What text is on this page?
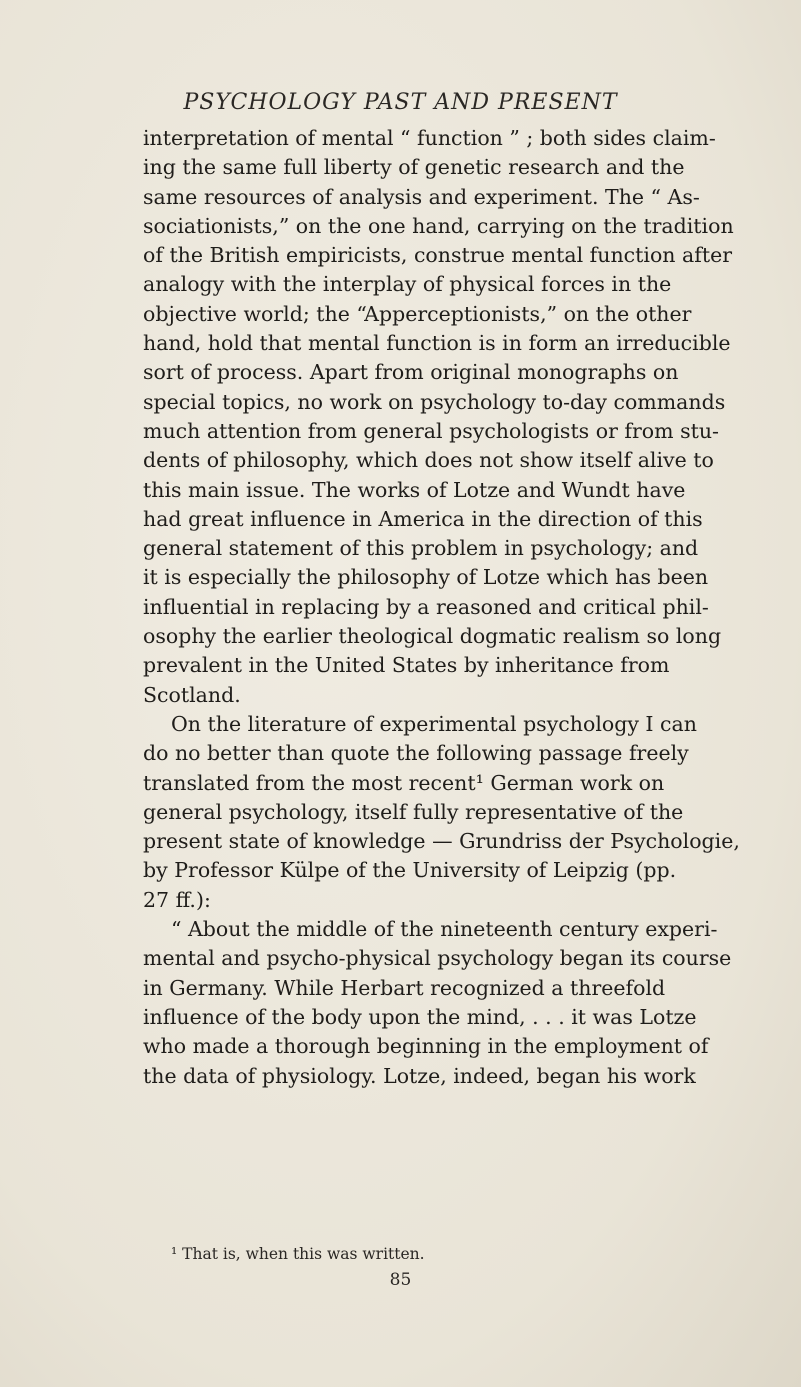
PSYCHOLOGY PAST AND PRESENT
interpretation of mental “ function ” ; both sides claim-
ing the same full liberty of genetic research and the
same resources of analysis and experiment. The “ As-
sociationists,” on the one hand, carrying on the tradition
of the British empiricists, construe mental function after
analogy with the interplay of physical forces in the
objective world; the “Apperceptionists,” on the other
hand, hold that mental function is in form an irreducible
sort of process. Apart from original monographs on
special topics, no work on psychology to-day commands
much attention from general psychologists or from stu-
dents of philosophy, which does not show itself alive to
this main issue. The works of Lotze and Wundt have
had great influence in America in the direction of this
general statement of this problem in psychology; and
it is especially the philosophy of Lotze which has been
influential in replacing by a reasoned and critical phil-
osophy the earlier theological dogmatic realism so long
prevalent in the United States by inheritance from
Scotland.
On the literature of experimental psychology I can
do no better than quote the following passage freely
translated from the most recent¹ German work on
general psychology, itself fully representative of the
present state of knowledge — Grundriss der Psychologie,
by Professor Külpe of the University of Leipzig (pp.
27 ff.):
“ About the middle of the nineteenth century experi-
mental and psycho-physical psychology began its course
in Germany. While Herbart recognized a threefold
influence of the body upon the mind, . . . it was Lotze
who made a thorough beginning in the employment of
the data of physiology. Lotze, indeed, began his work
¹ That is, when this was written.
85
